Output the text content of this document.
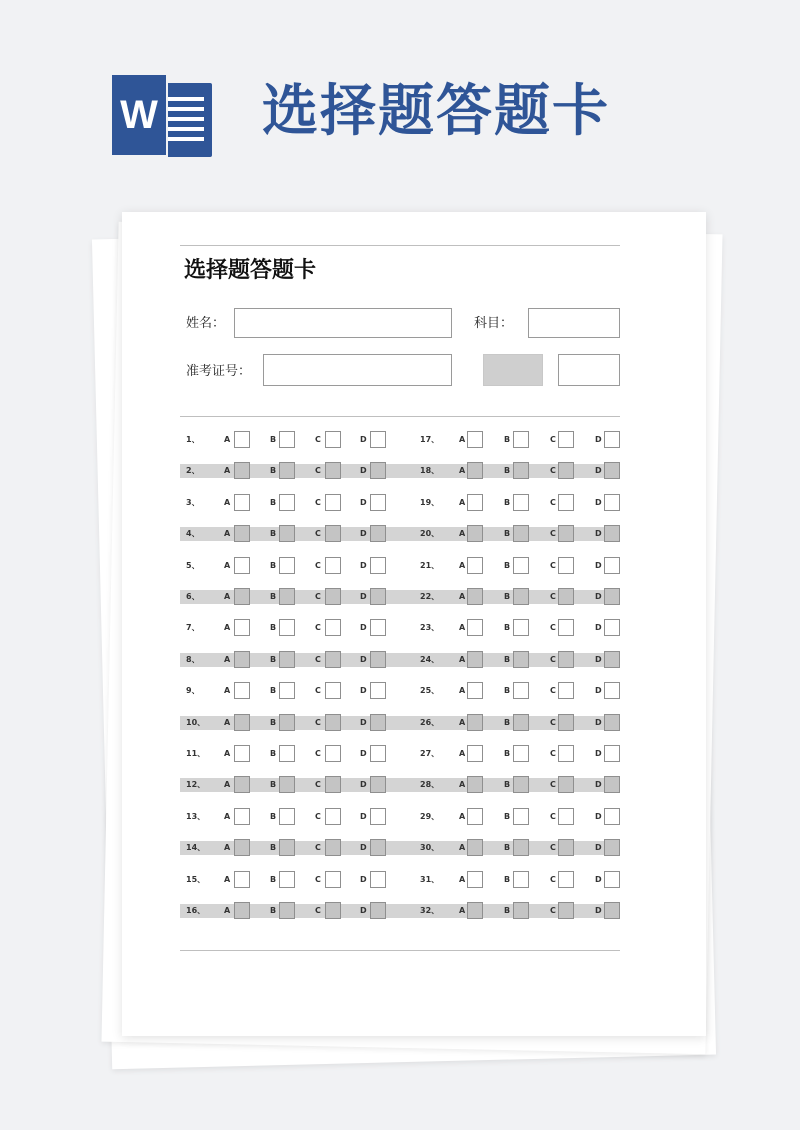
W 选择题答题卡
选择题答题卡
姓名：	科目：
准考证号：
1、	A	B	C	D	17、 A	B	C	D
2、	A	B	C	D	18、 A	B	C	D
3、	A	B	C	D	19、 A	B	C	D
4、	A	B	C	D	20、 A	B	C	D
5、	A	B	C	D	21、 A	B	C	D
6、	A	B	C	D	22、 A	B	C	D
7、	A	B	C	D	23、 A	B	C	D
8、	A	B	C	D	24、 A	B	C	D
9、	A	B	C	D	25、 A	B	C	D
10、 A	B	C	D	26、 A	B	C	D
11、 A	B	C	D	27、 A	B	C	D
12、 A	B	C	D	28、 A	B	C	D
13、 A	B	C	D	29、 A	B	C	D
14、 A	B	C	D	30、 A	B	C	D
15、 A	B	C	D	31、 A	B	C	D
16、 A	B	C	D	32、 A	B	C	D
